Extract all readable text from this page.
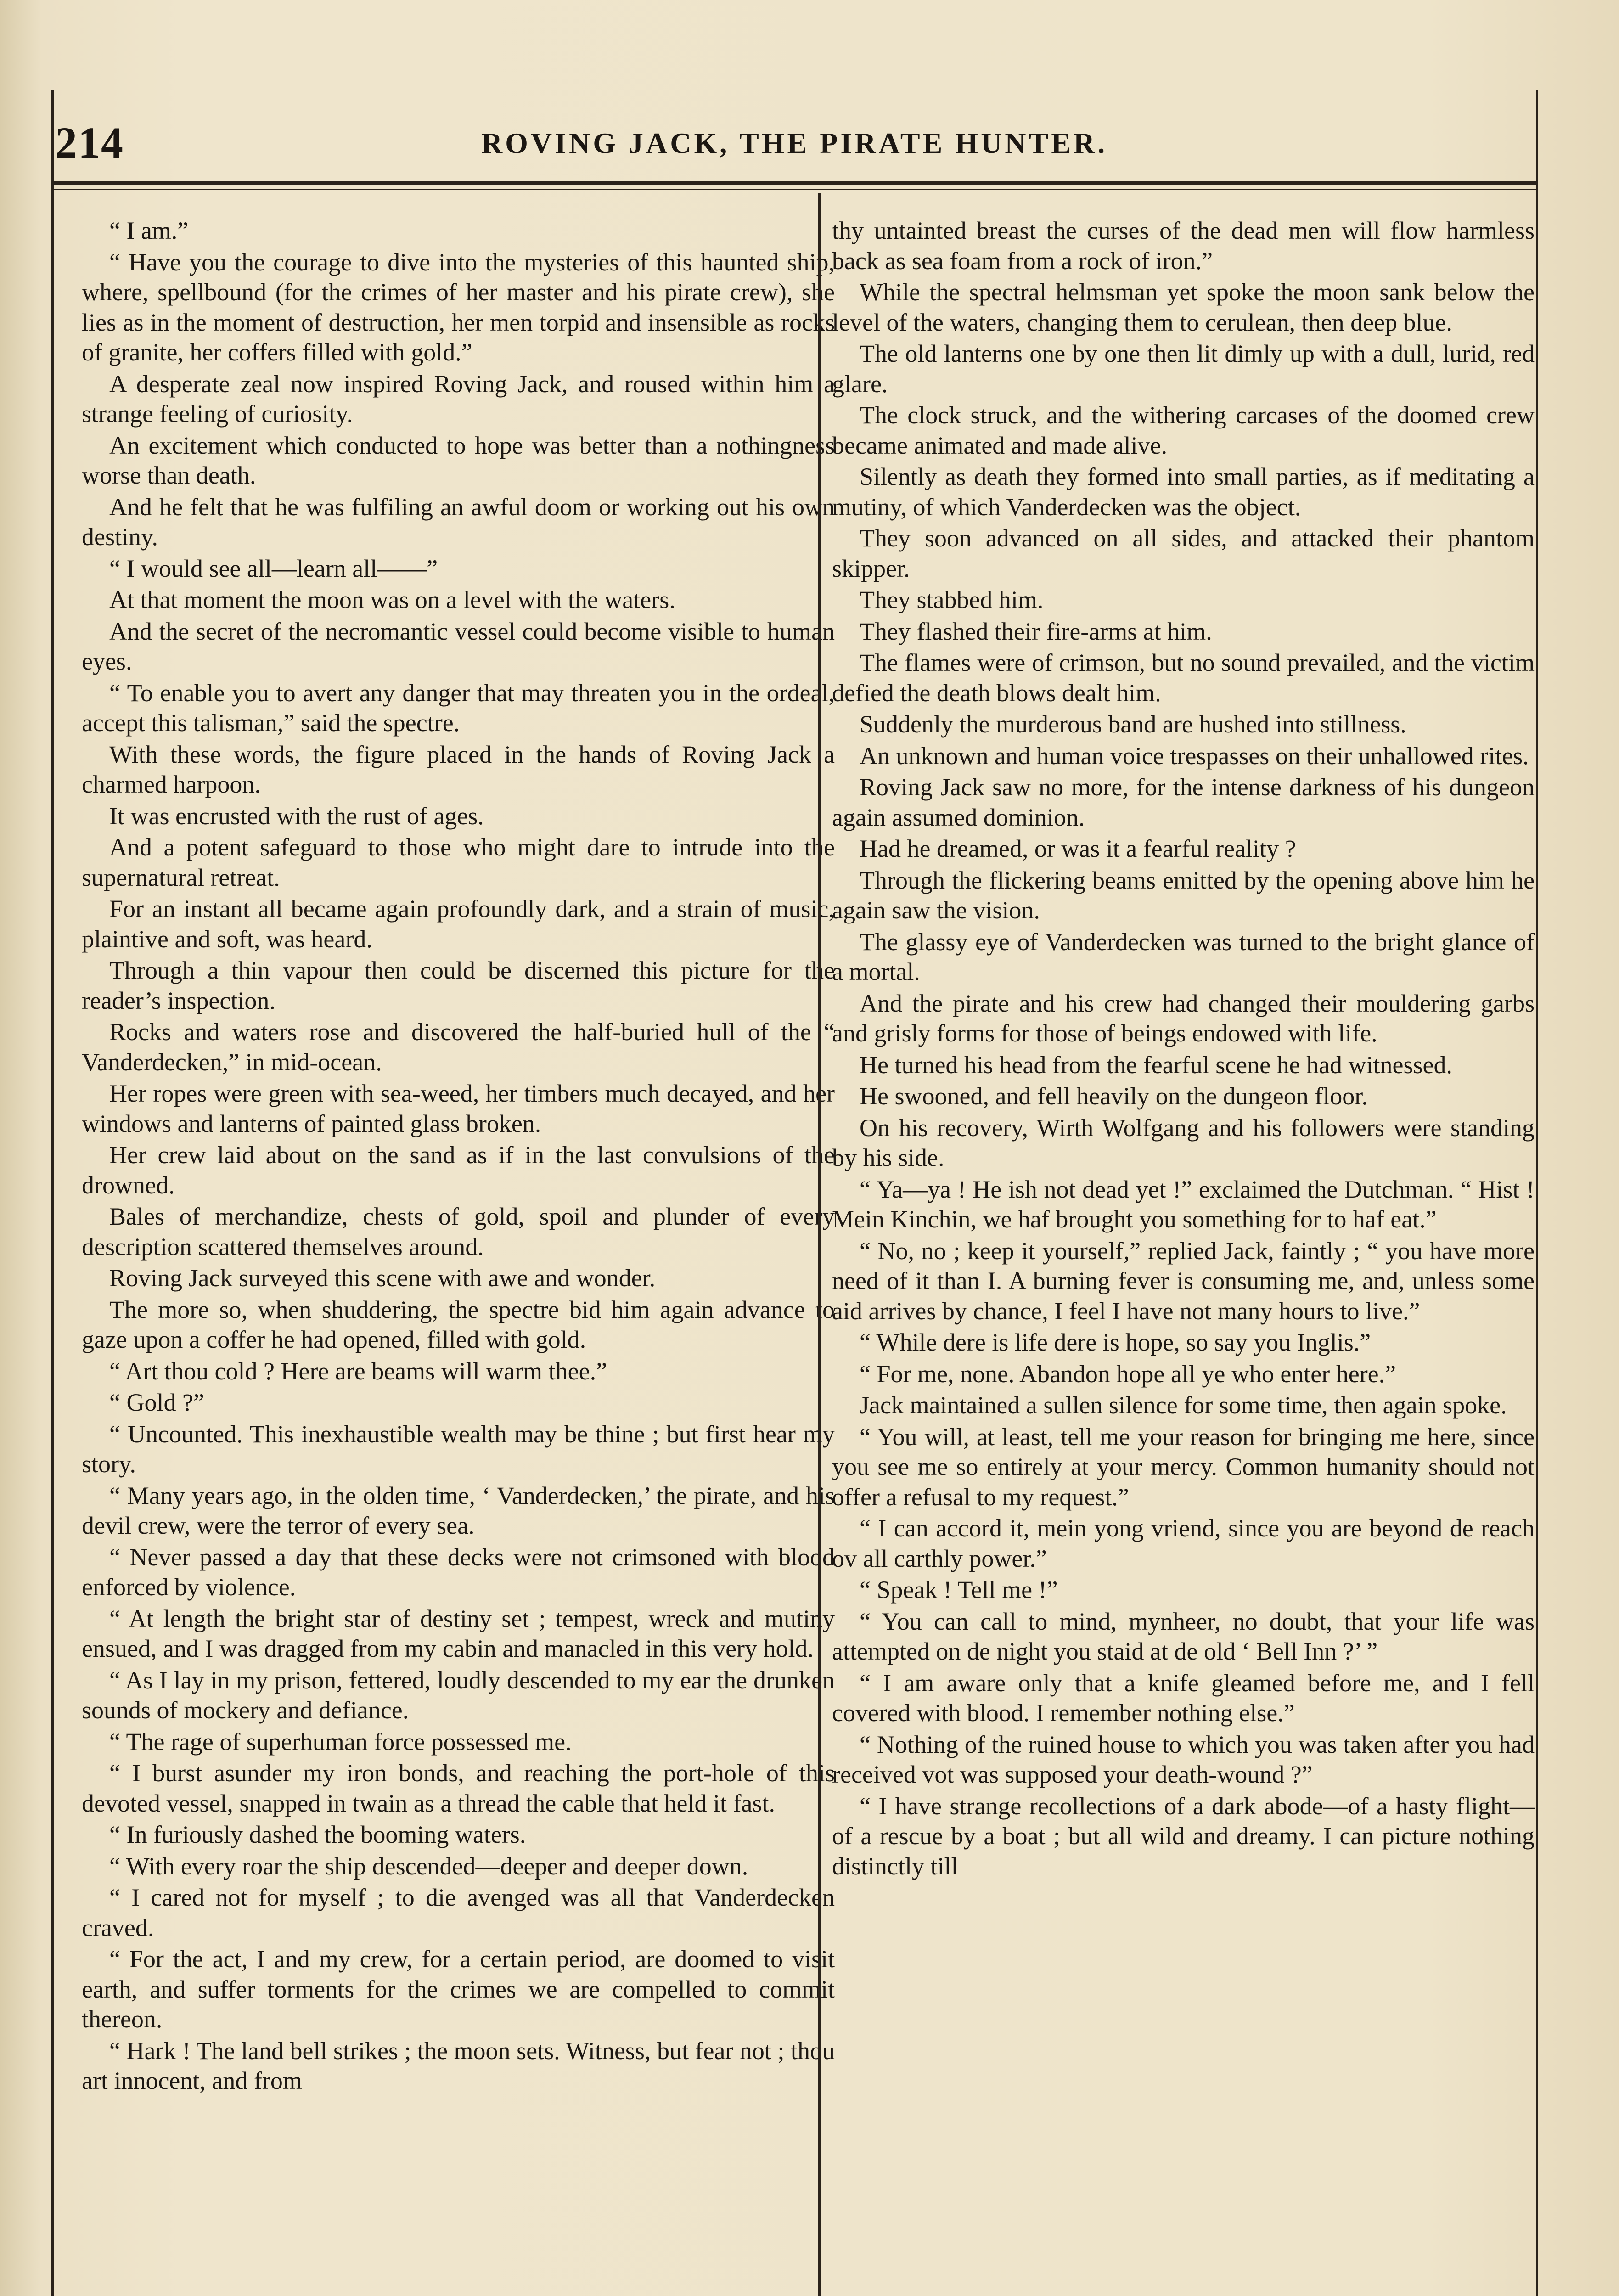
214	ROVING JACK, THE PIRATE HUNTER.

“ I am.”

“ Have you the courage to dive into the mysteries of this haunted ship, where, spellbound (for the crimes of her master and his pirate crew), she lies as in the moment of destruction, her men torpid and insensible as rocks of granite, her coffers filled with gold.”

A desperate zeal now inspired Roving Jack, and roused within him a strange feeling of curiosity.

An excitement which conducted to hope was better than a nothingness worse than death.

And he felt that he was fulfiling an awful doom or working out his own destiny.

“ I would see all—learn all——”

At that moment the moon was on a level with the waters.

And the secret of the necromantic vessel could become visible to human eyes.

“ To enable you to avert any danger that may threaten you in the ordeal, accept this talisman,” said the spectre.

With these words, the figure placed in the hands of Roving Jack a charmed harpoon.

It was encrusted with the rust of ages.

And a potent safeguard to those who might dare to intrude into the supernatural retreat.

For an instant all became again profoundly dark, and a strain of music, plaintive and soft, was heard.

Through a thin vapour then could be discerned this picture for the reader’s inspection.

Rocks and waters rose and discovered the half-buried hull of the “ Vanderdecken,” in mid-ocean.

Her ropes were green with sea-weed, her timbers much decayed, and her windows and lanterns of painted glass broken.

Her crew laid about on the sand as if in the last convulsions of the drowned.

Bales of merchandize, chests of gold, spoil and plunder of every description scattered themselves around.

Roving Jack surveyed this scene with awe and wonder.

The more so, when shuddering, the spectre bid him again advance to gaze upon a coffer he had opened, filled with gold.

“ Art thou cold ? Here are beams will warm thee.”

“ Gold ?”

“ Uncounted. This inexhaustible wealth may be thine ; but first hear my story.

“ Many years ago, in the olden time, ‘ Vanderdecken,’ the pirate, and his devil crew, were the terror of every sea.

“ Never passed a day that these decks were not crimsoned with blood enforced by violence.

“ At length the bright star of destiny set ; tempest, wreck and mutiny ensued, and I was dragged from my cabin and manacled in this very hold.

“ As I lay in my prison, fettered, loudly descended to my ear the drunken sounds of mockery and defiance.

“ The rage of superhuman force possessed me.

“ I burst asunder my iron bonds, and reaching the port-hole of this devoted vessel, snapped in twain as a thread the cable that held it fast.

“ In furiously dashed the booming waters.

“ With every roar the ship descended—deeper and deeper down.

“ I cared not for myself ; to die avenged was all that Vanderdecken craved.

“ For the act, I and my crew, for a certain period, are doomed to visit earth, and suffer torments for the crimes we are compelled to commit thereon.

“ Hark ! The land bell strikes ; the moon sets. Witness, but fear not ; thou art innocent, and from

thy untainted breast the curses of the dead men will flow harmless back as sea foam from a rock of iron.”

While the spectral helmsman yet spoke the moon sank below the level of the waters, changing them to cerulean, then deep blue.

The old lanterns one by one then lit dimly up with a dull, lurid, red glare.

The clock struck, and the withering carcases of the doomed crew became animated and made alive.

Silently as death they formed into small parties, as if meditating a mutiny, of which Vanderdecken was the object.

They soon advanced on all sides, and attacked their phantom skipper.

They stabbed him.

They flashed their fire-arms at him.

The flames were of crimson, but no sound prevailed, and the victim defied the death blows dealt him.

Suddenly the murderous band are hushed into stillness.

An unknown and human voice trespasses on their unhallowed rites.

Roving Jack saw no more, for the intense darkness of his dungeon again assumed dominion.

Had he dreamed, or was it a fearful reality ?

Through the flickering beams emitted by the opening above him he again saw the vision.

The glassy eye of Vanderdecken was turned to the bright glance of a mortal.

And the pirate and his crew had changed their mouldering garbs and grisly forms for those of beings endowed with life.

He turned his head from the fearful scene he had witnessed.

He swooned, and fell heavily on the dungeon floor.

On his recovery, Wirth Wolfgang and his followers were standing by his side.

“ Ya—ya ! He ish not dead yet !” exclaimed the Dutchman. “ Hist ! Mein Kinchin, we haf brought you something for to haf eat.”

“ No, no ; keep it yourself,” replied Jack, faintly ; “ you have more need of it than I. A burning fever is consuming me, and, unless some aid arrives by chance, I feel I have not many hours to live.”

“ While dere is life dere is hope, so say you Inglis.”

“ For me, none. Abandon hope all ye who enter here.”

Jack maintained a sullen silence for some time, then again spoke.

“ You will, at least, tell me your reason for bringing me here, since you see me so entirely at your mercy. Common humanity should not offer a refusal to my request.”

“ I can accord it, mein yong vriend, since you are beyond de reach ov all carthly power.”

“ Speak ! Tell me !”

“ You can call to mind, mynheer, no doubt, that your life was attempted on de night you staid at de old ‘ Bell Inn ?’ ”

“ I am aware only that a knife gleamed before me, and I fell covered with blood. I remember nothing else.”

“ Nothing of the ruined house to which you was taken after you had received vot was supposed your death-wound ?”

“ I have strange recollections of a dark abode—of a hasty flight—of a rescue by a boat ; but all wild and dreamy. I can picture nothing distinctly till
